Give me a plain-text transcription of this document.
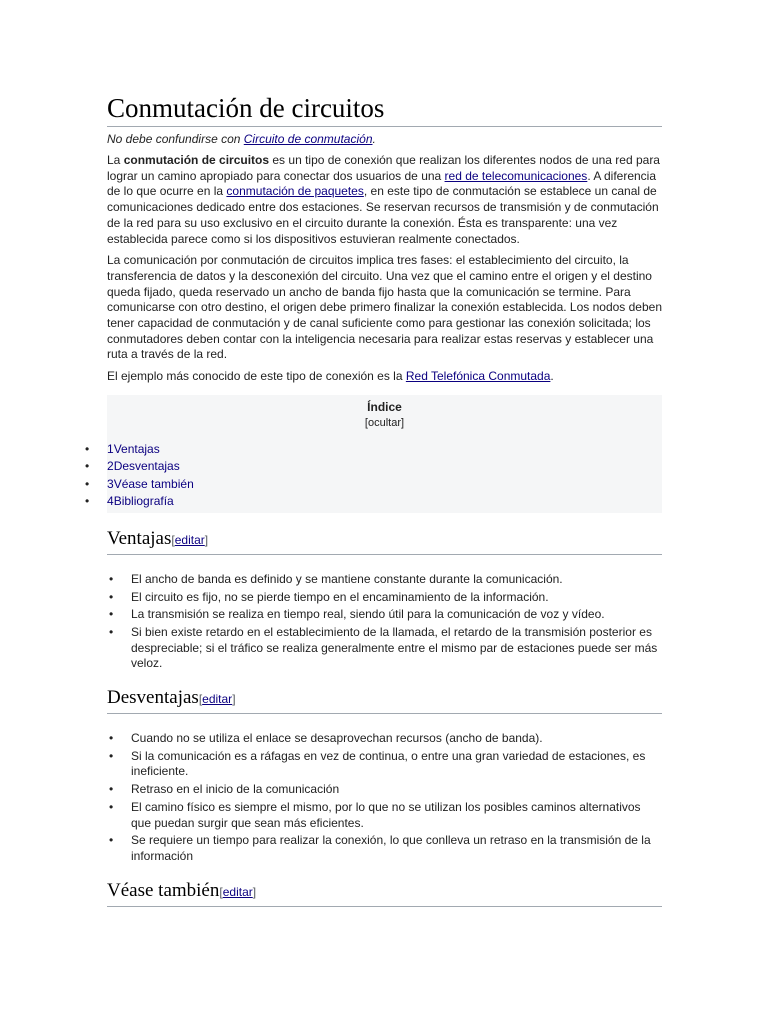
Conmutación de circuitos
No debe confundirse con Circuito de conmutación.

La conmutación de circuitos es un tipo de conexión que realizan los diferentes nodos de una red para lograr un camino apropiado para conectar dos usuarios de una red de telecomunicaciones. A diferencia de lo que ocurre en la conmutación de paquetes, en este tipo de conmutación se establece un canal de comunicaciones dedicado entre dos estaciones. Se reservan recursos de transmisión y de conmutación de la red para su uso exclusivo en el circuito durante la conexión. Ésta es transparente: una vez establecida parece como si los dispositivos estuvieran realmente conectados.

La comunicación por conmutación de circuitos implica tres fases: el establecimiento del circuito, la transferencia de datos y la desconexión del circuito. Una vez que el camino entre el origen y el destino queda fijado, queda reservado un ancho de banda fijo hasta que la comunicación se termine. Para comunicarse con otro destino, el origen debe primero finalizar la conexión establecida. Los nodos deben tener capacidad de conmutación y de canal suficiente como para gestionar las conexión solicitada; los conmutadores deben contar con la inteligencia necesaria para realizar estas reservas y establecer una ruta a través de la red.

El ejemplo más conocido de este tipo de conexión es la Red Telefónica Conmutada.

Índice
[ocultar]
• 1Ventajas
• 2Desventajas
• 3Véase también
• 4Bibliografía
Ventajas[editar]
• El ancho de banda es definido y se mantiene constante durante la comunicación.
• El circuito es fijo, no se pierde tiempo en el encaminamiento de la información.
• La transmisión se realiza en tiempo real, siendo útil para la comunicación de voz y vídeo.
• Si bien existe retardo en el establecimiento de la llamada, el retardo de la transmisión posterior es despreciable; si el tráfico se realiza generalmente entre el mismo par de estaciones puede ser más veloz.
Desventajas[editar]
• Cuando no se utiliza el enlace se desaprovechan recursos (ancho de banda).
• Si la comunicación es a ráfagas en vez de continua, o entre una gran variedad de estaciones, es ineficiente.
• Retraso en el inicio de la comunicación
• El camino físico es siempre el mismo, por lo que no se utilizan los posibles caminos alternativos que puedan surgir que sean más eficientes.
• Se requiere un tiempo para realizar la conexión, lo que conlleva un retraso en la transmisión de la información
Véase también[editar]
